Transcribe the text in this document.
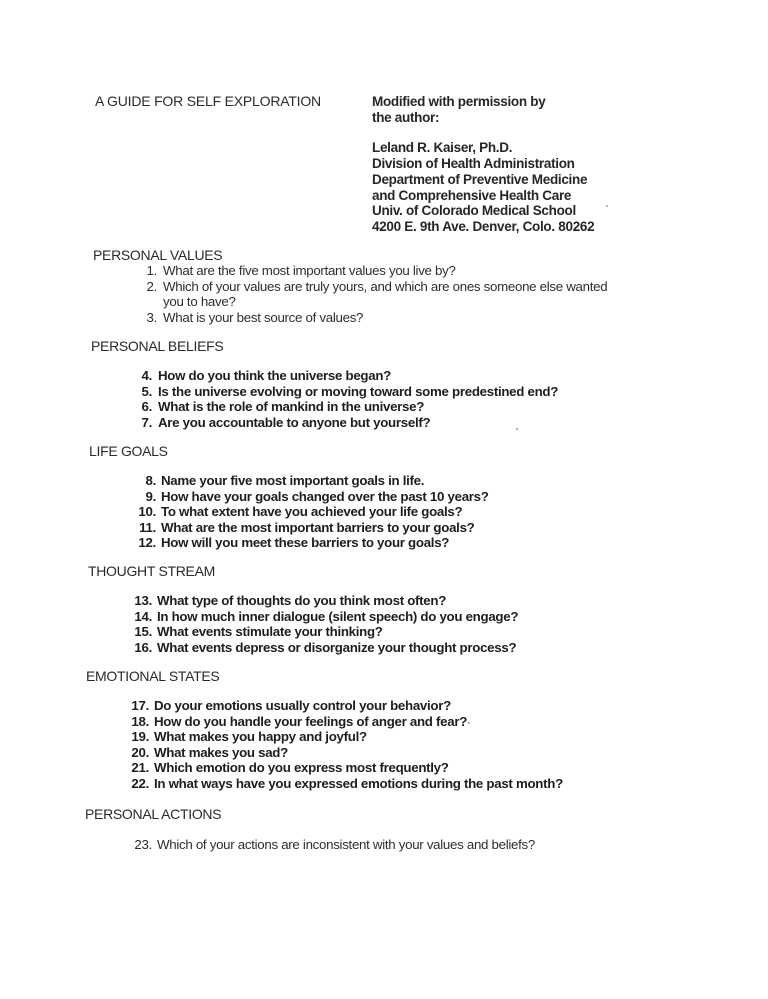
A GUIDE FOR SELF EXPLORATION	Modified with permission by
the author:
Leland R. Kaiser, Ph.D.
Division of Health Administration
Department of Preventive Medicine
and Comprehensive Health Care
Univ. of Colorado Medical School
4200 E. 9th Ave. Denver, Colo. 80262
PERSONAL VALUES
1. What are the five most important values you live by?
2. Which of your values are truly yours, and which are ones someone else wanted
you to have?
3. What is your best source of values?
PERSONAL BELIEFS
4. How do you think the universe began?
5. Is the universe evolving or moving toward some predestined end?
6. What is the role of mankind in the universe?
7. Are you accountable to anyone but yourself?
LIFE GOALS
8. Name your five most important goals in life.
9. How have your goals changed over the past 10 years?
10. To what extent have you achieved your life goals?
11. What are the most important barriers to your goals?
12. How will you meet these barriers to your goals?
THOUGHT STREAM
13. What type of thoughts do you think most often?
14. In how much inner dialogue (silent speech) do you engage?
15. What events stimulate your thinking?
16. What events depress or disorganize your thought process?
EMOTIONAL STATES
17. Do your emotions usually control your behavior?
18. How do you handle your feelings of anger and fear?
19. What makes you happy and joyful?
20. What makes you sad?
21. Which emotion do you express most frequently?
22. In what ways have you expressed emotions during the past month?
PERSONAL ACTIONS
23. Which of your actions are inconsistent with your values and beliefs?
